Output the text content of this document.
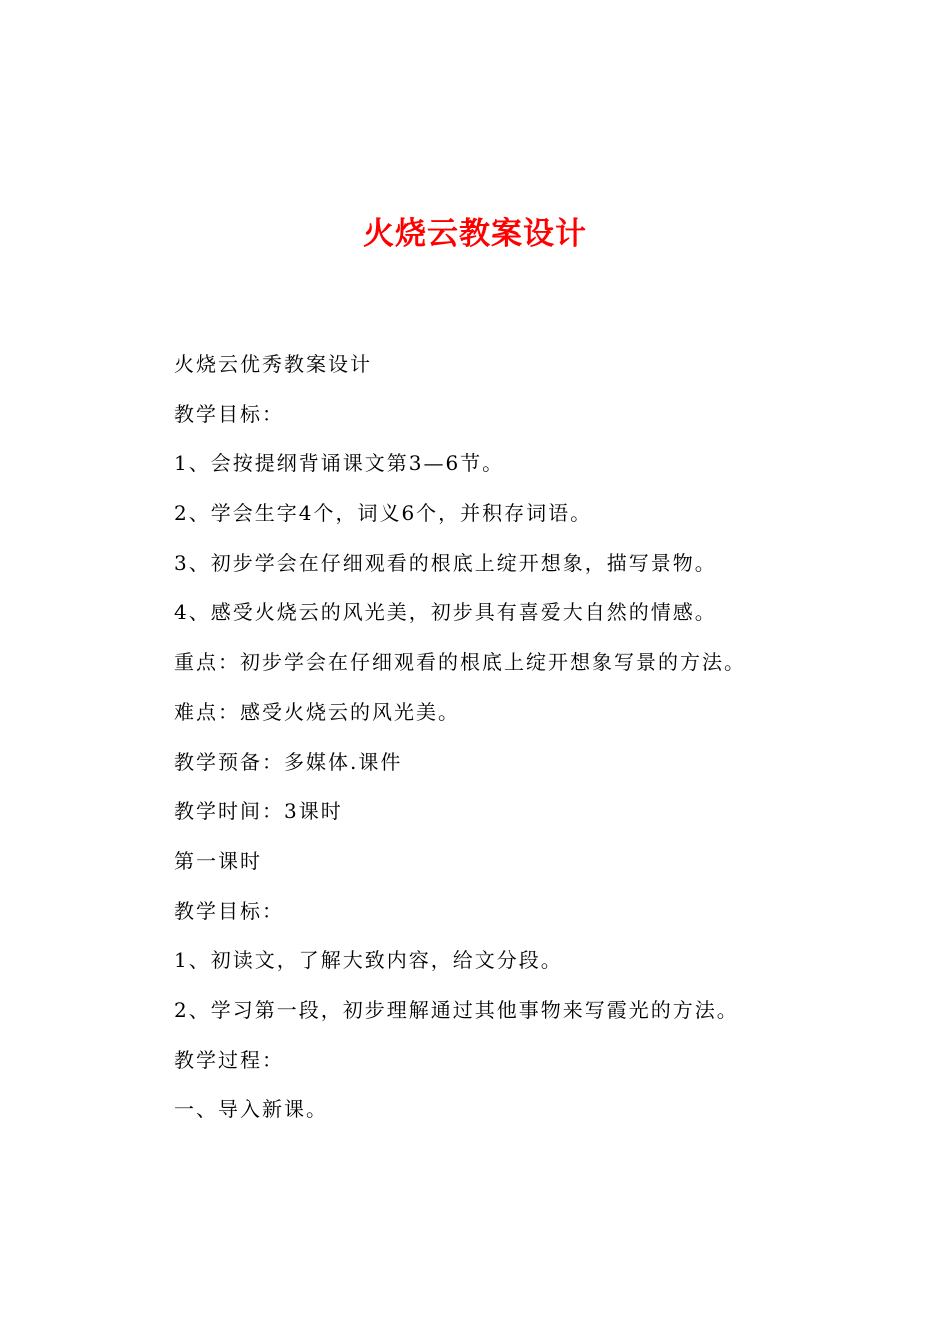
火烧云教案设计

火烧云优秀教案设计

教学目标：

1、会按提纲背诵课文第3—6节。

2、学会生字4个，词义6个，并积存词语。

3、初步学会在仔细观看的根底上绽开想象，描写景物。

4、感受火烧云的风光美，初步具有喜爱大自然的情感。

重点：初步学会在仔细观看的根底上绽开想象写景的方法。

难点：感受火烧云的风光美。

教学预备：多媒体.课件

教学时间：3课时

第一课时

教学目标：

1、初读文，了解大致内容，给文分段。

2、学习第一段，初步理解通过其他事物来写霞光的方法。

教学过程：

一、导入新课。
